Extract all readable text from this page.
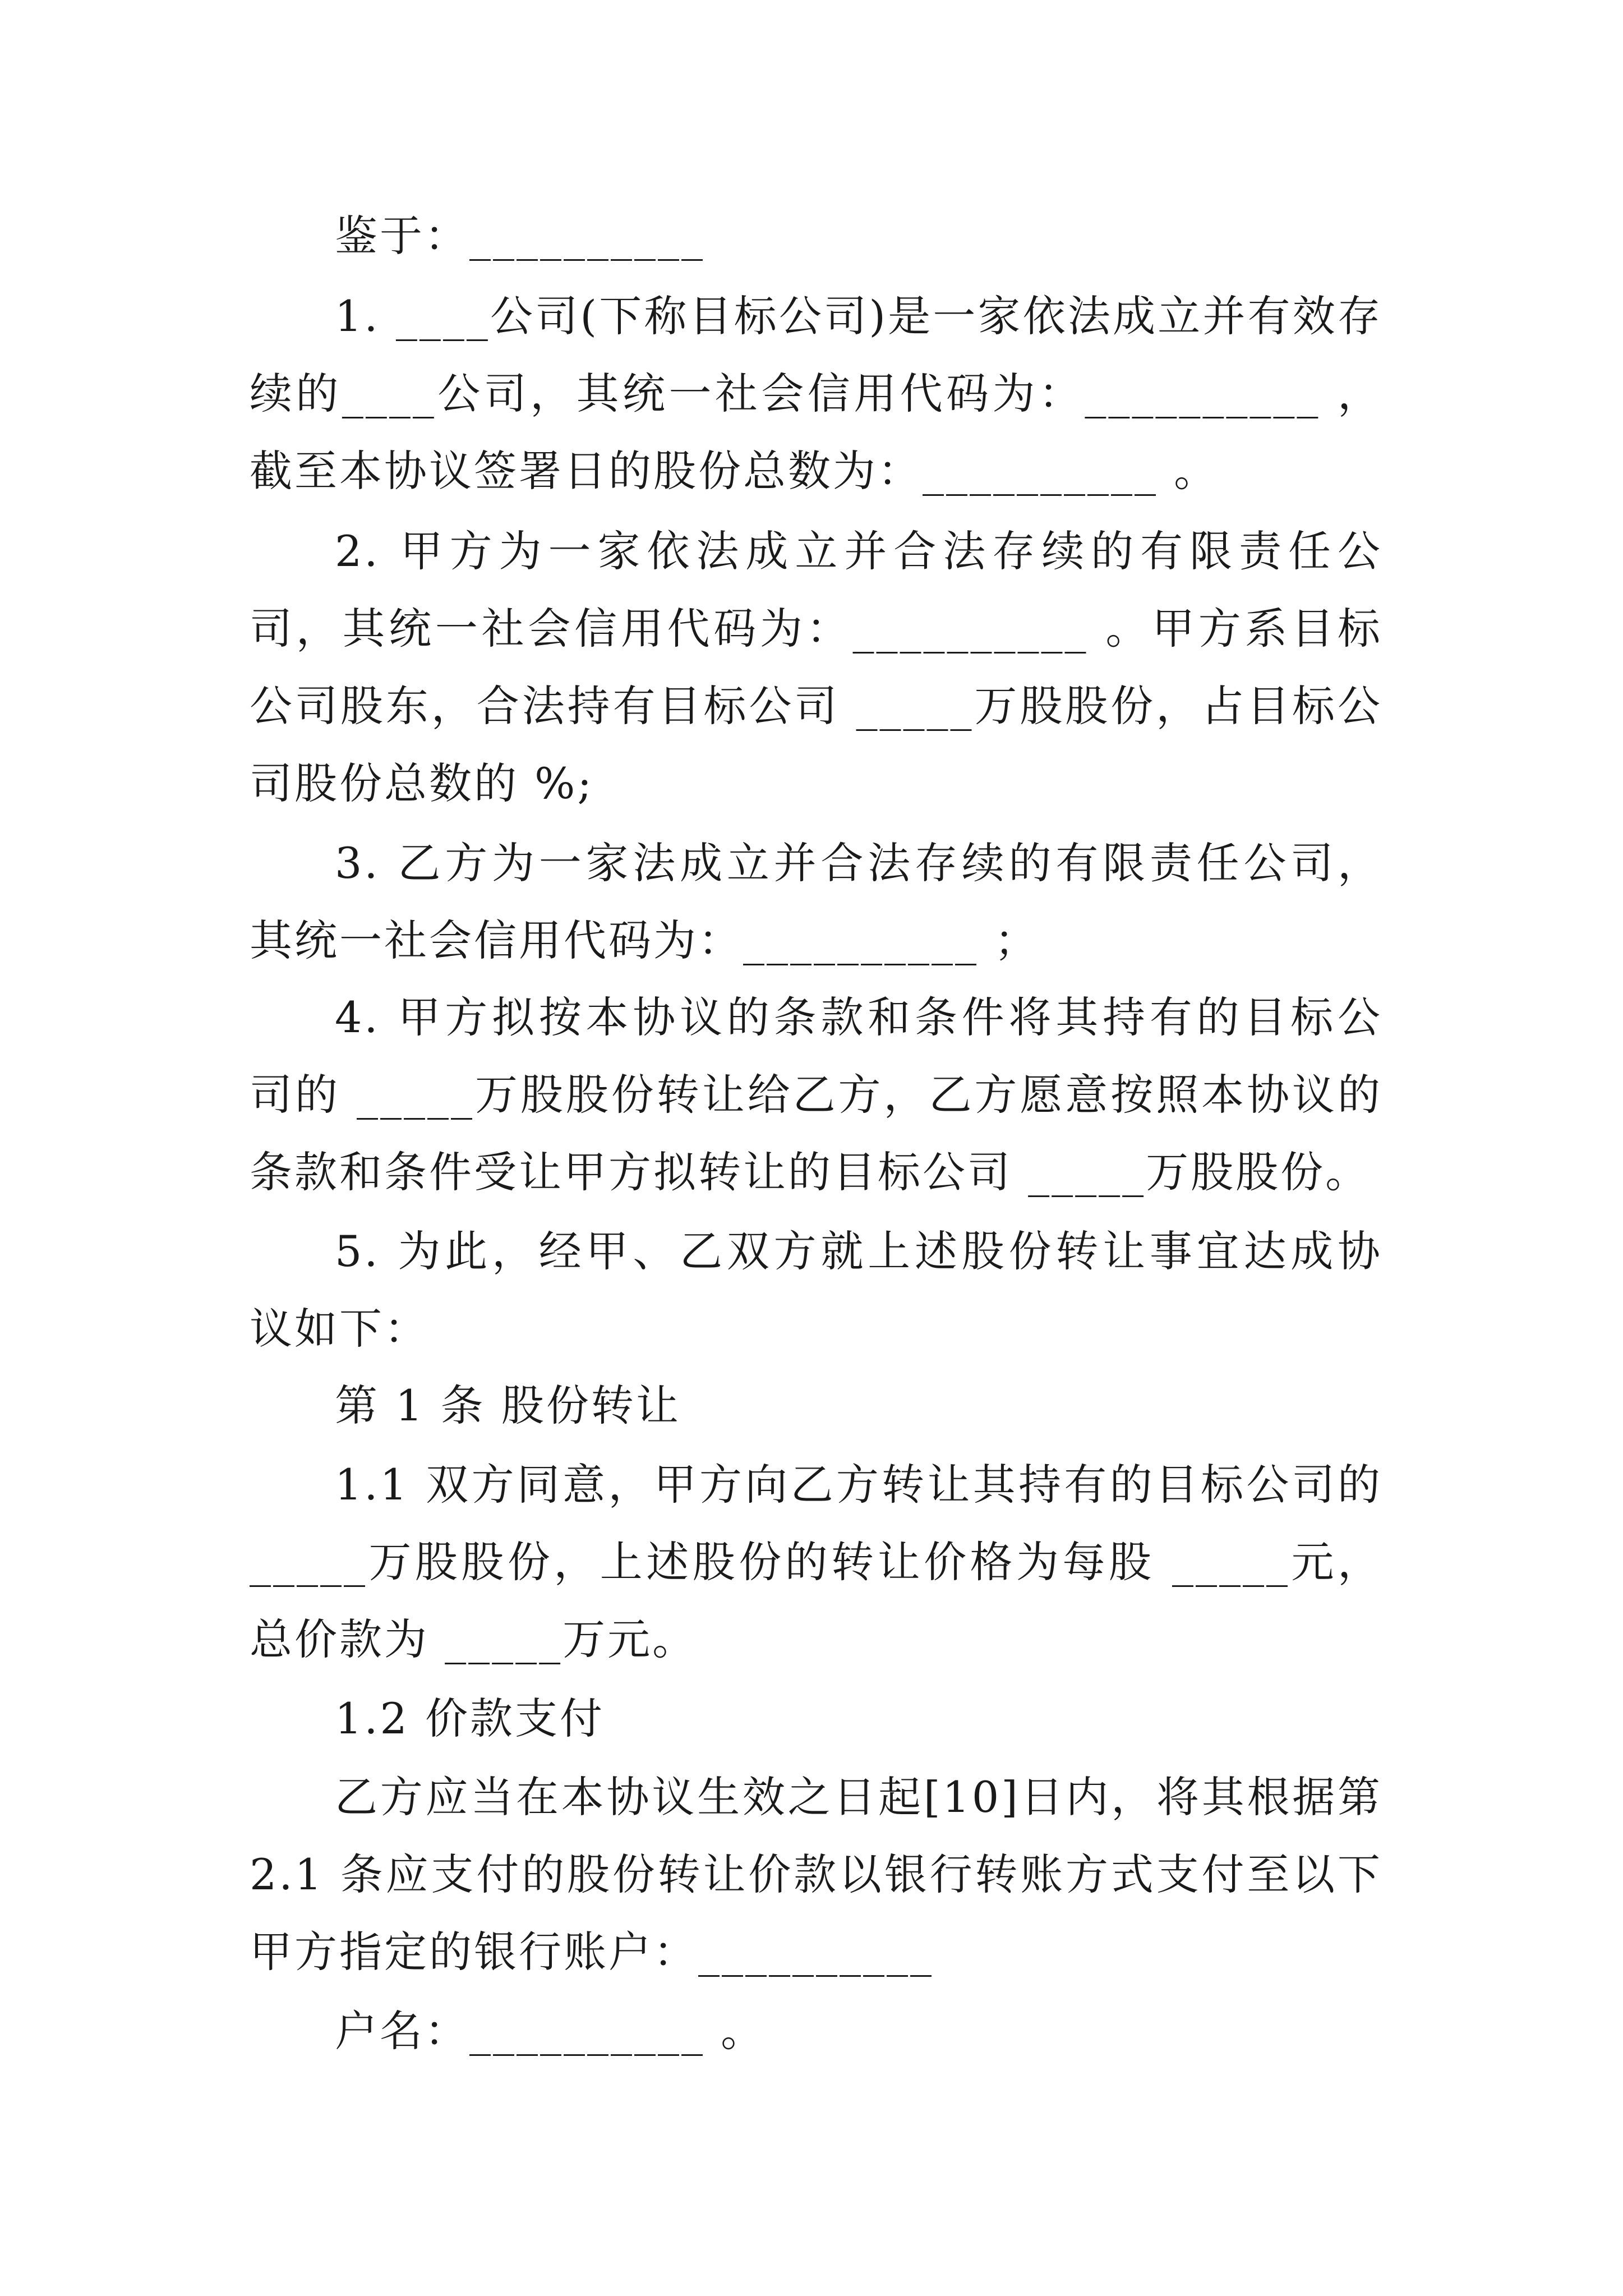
鉴于：__________

1. ____公司(下称目标公司)是一家依法成立并有效存续的____公司，其统一社会信用代码为：__________ ，截至本协议签署日的股份总数为：__________ 。

2. 甲方为一家依法成立并合法存续的有限责任公司，其统一社会信用代码为：__________ 。甲方系目标公司股东，合法持有目标公司 _____万股股份，占目标公司股份总数的 %;

3. 乙方为一家法成立并合法存续的有限责任公司，其统一社会信用代码为：__________ ；

4. 甲方拟按本协议的条款和条件将其持有的目标公司的 _____万股股份转让给乙方，乙方愿意按照本协议的条款和条件受让甲方拟转让的目标公司 _____万股股份。

5. 为此，经甲、乙双方就上述股份转让事宜达成协议如下：

第 1 条 股份转让

1.1 双方同意，甲方向乙方转让其持有的目标公司的 _____万股股份，上述股份的转让价格为每股 _____元，总价款为 _____万元。

1.2 价款支付

乙方应当在本协议生效之日起[10]日内，将其根据第 2.1 条应支付的股份转让价款以银行转账方式支付至以下甲方指定的银行账户：__________

户名：__________ 。
